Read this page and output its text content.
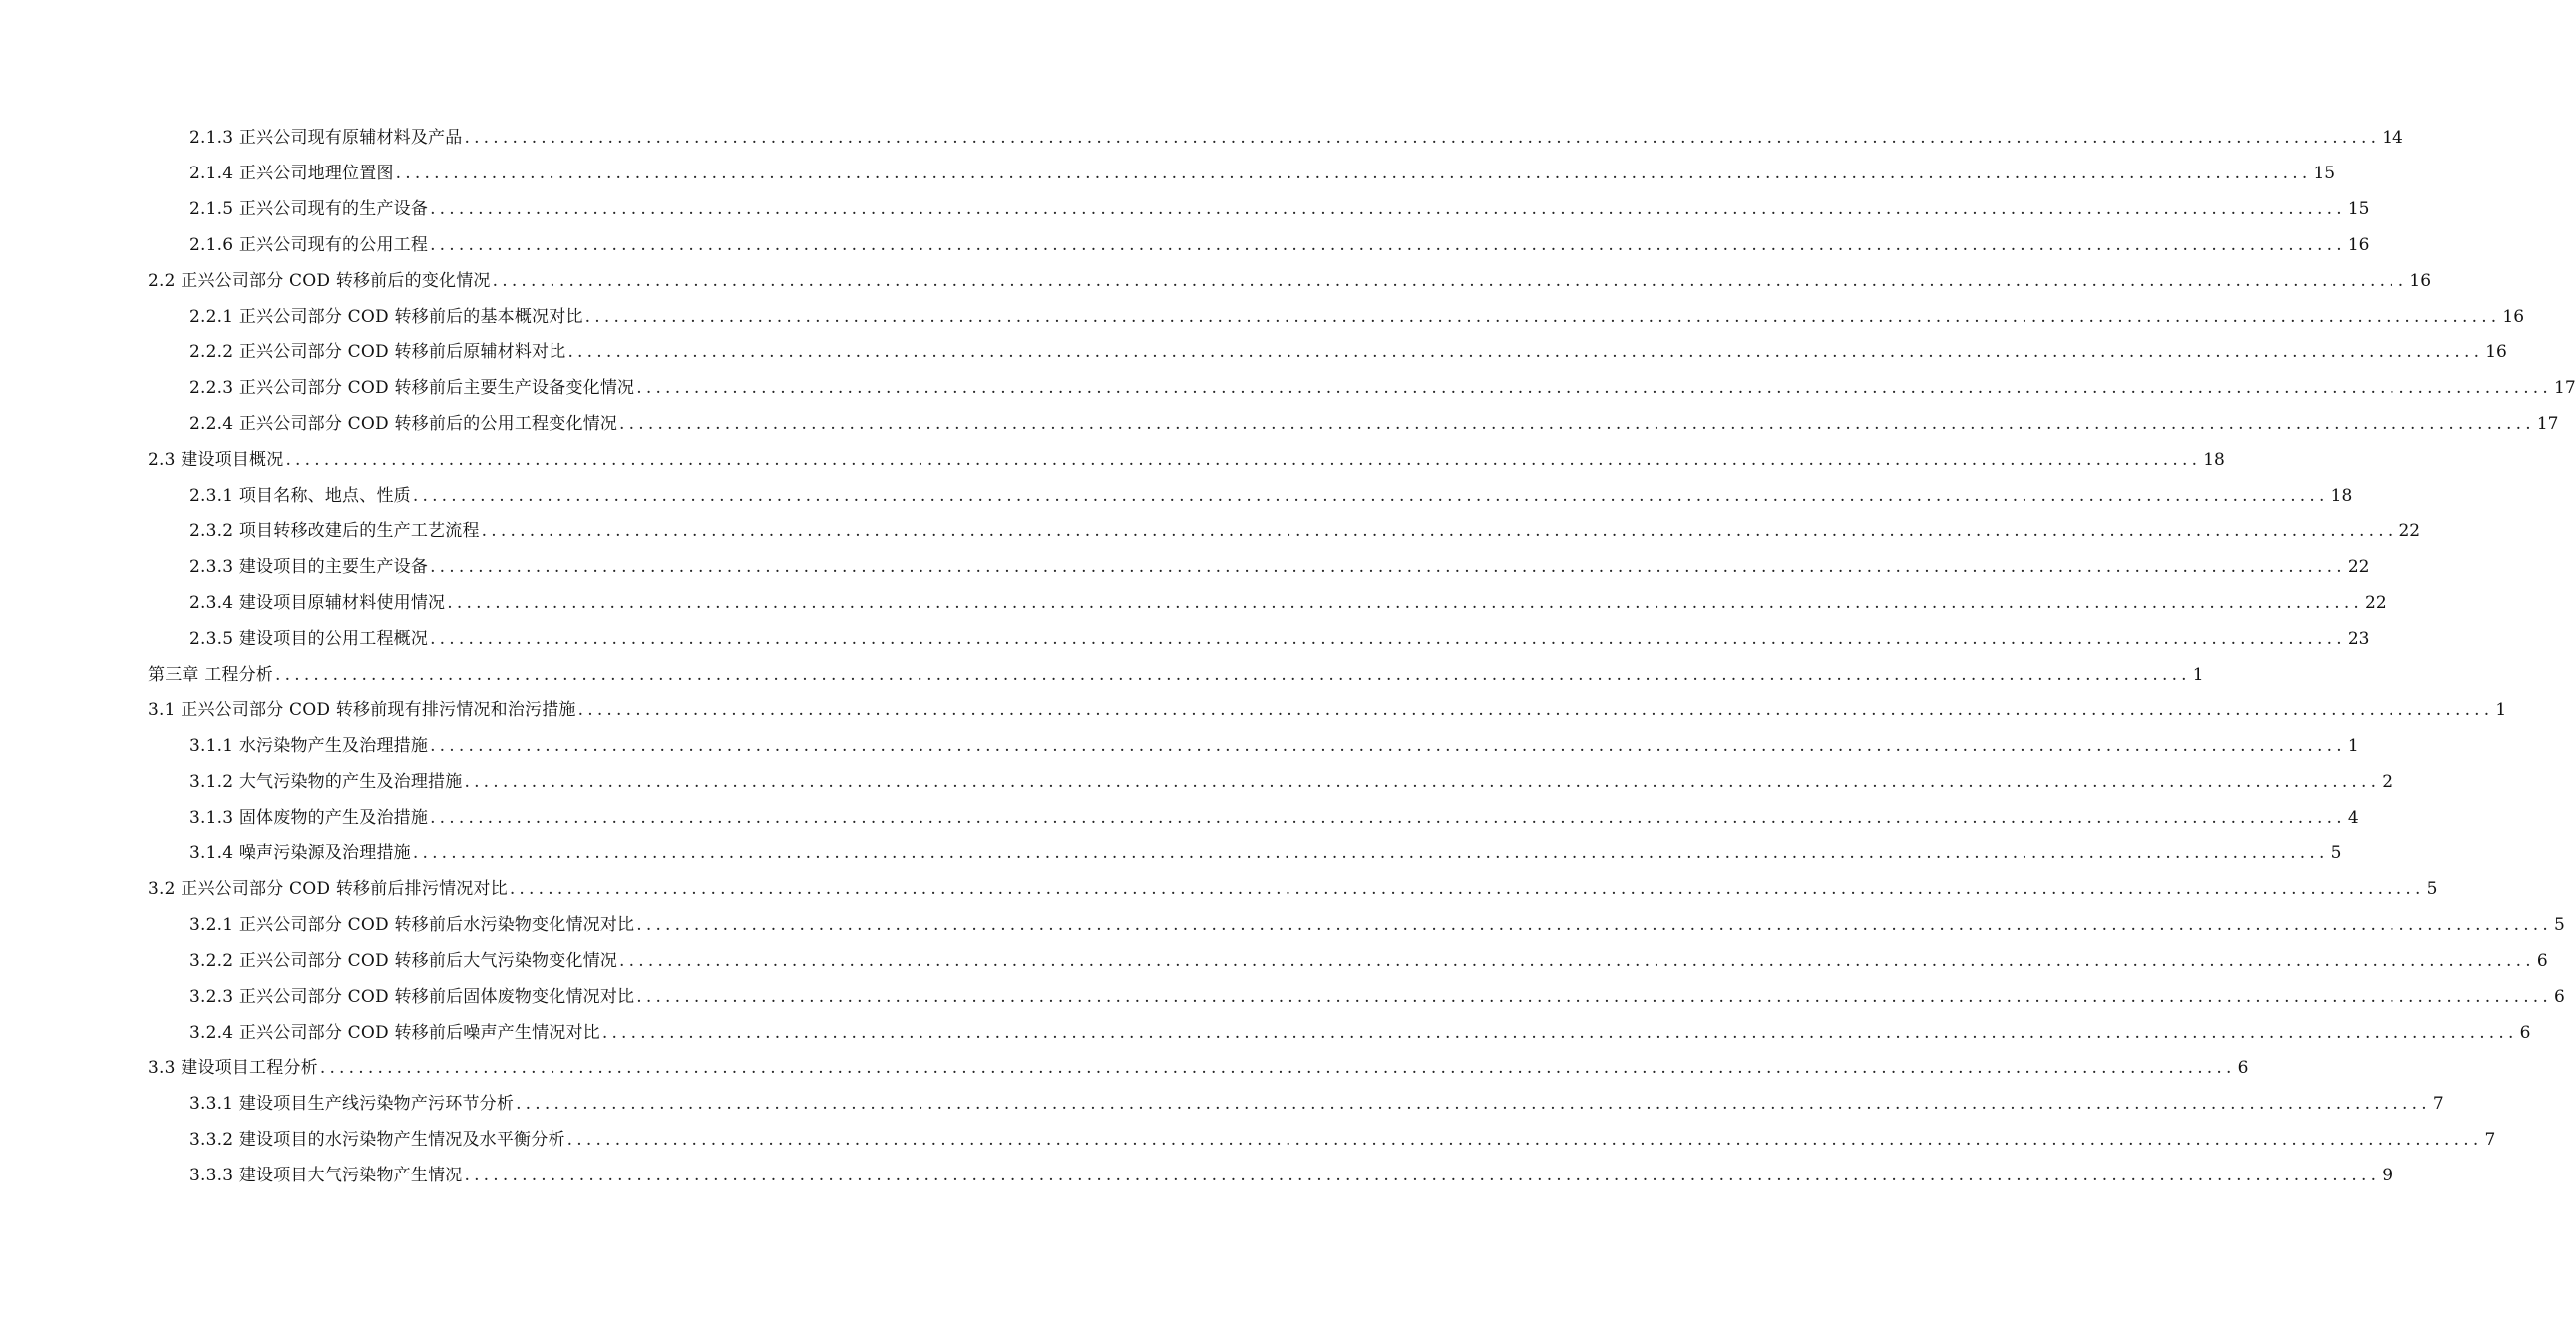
2.1.3 正兴公司现有原辅材料及产品 ........................................................................................................................................................................................................ 14
2.1.4 正兴公司地理位置图 ........................................................................................................................................................................................................ 15
2.1.5 正兴公司现有的生产设备 ........................................................................................................................................................................................................ 15
2.1.6 正兴公司现有的公用工程 ........................................................................................................................................................................................................ 16
2.2 正兴公司部分 COD 转移前后的变化情况 ........................................................................................................................................................................................................ 16
2.2.1 正兴公司部分 COD 转移前后的基本概况对比 ........................................................................................................................................................................................................ 16
2.2.2 正兴公司部分 COD 转移前后原辅材料对比 ........................................................................................................................................................................................................ 16
2.2.3 正兴公司部分 COD 转移前后主要生产设备变化情况 ........................................................................................................................................................................................................ 17
2.2.4 正兴公司部分 COD 转移前后的公用工程变化情况 ........................................................................................................................................................................................................ 17
2.3 建设项目概况 ........................................................................................................................................................................................................ 18
2.3.1 项目名称、地点、性质 ........................................................................................................................................................................................................ 18
2.3.2 项目转移改建后的生产工艺流程 ........................................................................................................................................................................................................ 22
2.3.3 建设项目的主要生产设备 ........................................................................................................................................................................................................ 22
2.3.4 建设项目原辅材料使用情况 ........................................................................................................................................................................................................ 22
2.3.5 建设项目的公用工程概况 ........................................................................................................................................................................................................ 23
第三章 工程分析 ........................................................................................................................................................................................................ 1
3.1 正兴公司部分 COD 转移前现有排污情况和治污措施 ........................................................................................................................................................................................................ 1
3.1.1 水污染物产生及治理措施 ........................................................................................................................................................................................................ 1
3.1.2 大气污染物的产生及治理措施 ........................................................................................................................................................................................................ 2
3.1.3 固体废物的产生及治措施 ........................................................................................................................................................................................................ 4
3.1.4 噪声污染源及治理措施 ........................................................................................................................................................................................................ 5
3.2 正兴公司部分 COD 转移前后排污情况对比 ........................................................................................................................................................................................................ 5
3.2.1 正兴公司部分 COD 转移前后水污染物变化情况对比 ........................................................................................................................................................................................................ 5
3.2.2 正兴公司部分 COD 转移前后大气污染物变化情况 ........................................................................................................................................................................................................ 6
3.2.3 正兴公司部分 COD 转移前后固体废物变化情况对比 ........................................................................................................................................................................................................ 6
3.2.4 正兴公司部分 COD 转移前后噪声产生情况对比 ........................................................................................................................................................................................................ 6
3.3 建设项目工程分析 ........................................................................................................................................................................................................ 6
3.3.1 建设项目生产线污染物产污环节分析 ........................................................................................................................................................................................................ 7
3.3.2 建设项目的水污染物产生情况及水平衡分析 ........................................................................................................................................................................................................ 7
3.3.3 建设项目大气污染物产生情况 ........................................................................................................................................................................................................ 9
